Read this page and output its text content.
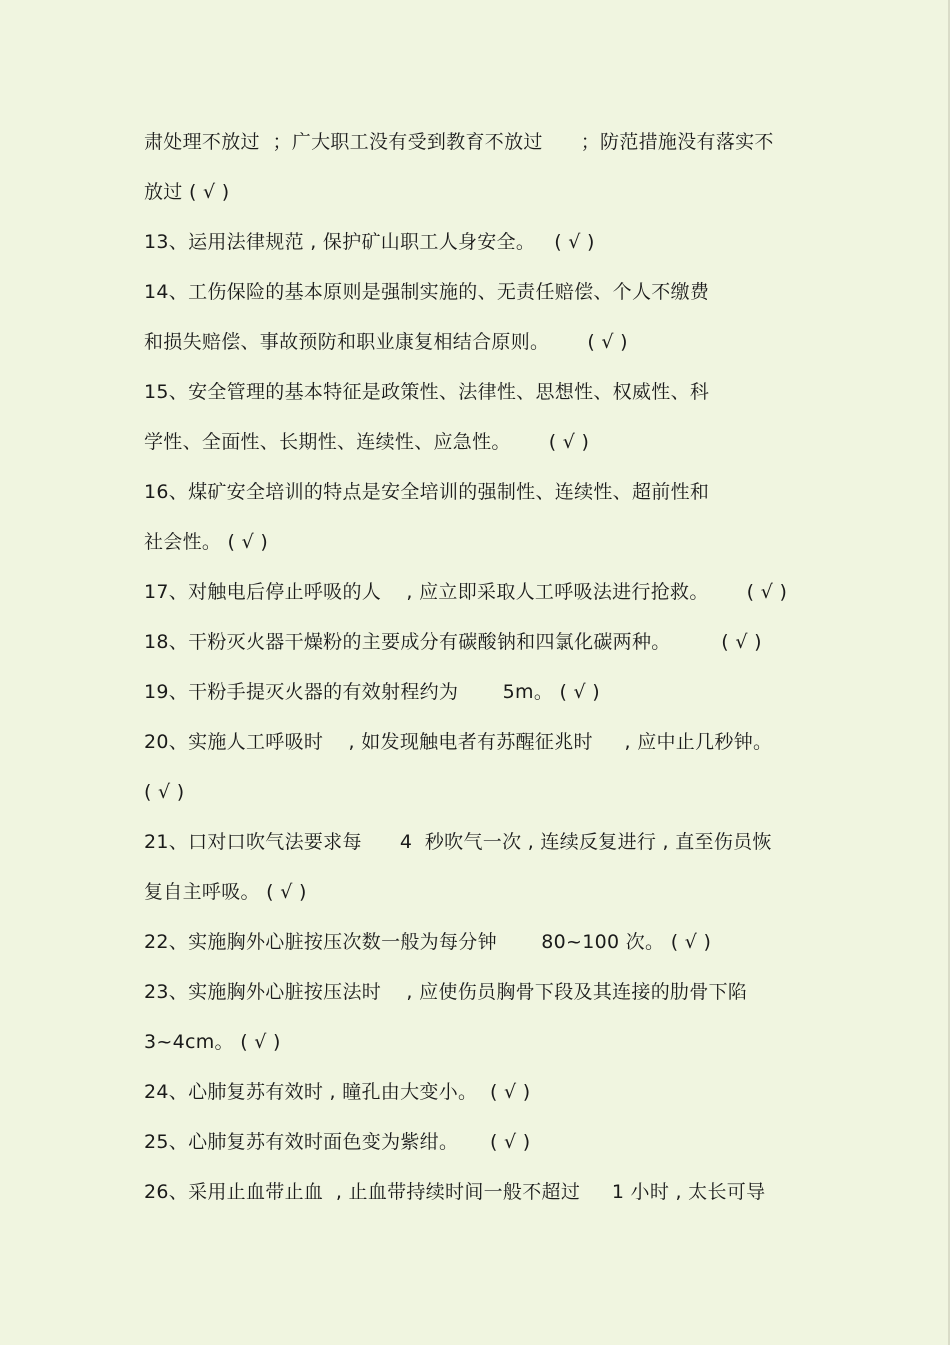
肃处理不放过  ；广大职工没有受到教育不放过      ；防范措施没有落实不
放过 ( √ )
13、运用法律规范 , 保护矿山职工人身安全。   ( √ )
14、工伤保险的基本原则是强制实施的、无责任赔偿、个人不缴费
和损失赔偿、事故预防和职业康复相结合原则。      ( √ )
15、安全管理的基本特征是政策性、法律性、思想性、权威性、科
学性、全面性、长期性、连续性、应急性。      ( √ )
16、煤矿安全培训的特点是安全培训的强制性、连续性、超前性和
社会性。 ( √ )
17、对触电后停止呼吸的人    , 应立即采取人工呼吸法进行抢救。      ( √ )
18、干粉灭火器干燥粉的主要成分有碳酸钠和四氯化碳两种。        ( √ )
19、干粉手提灭火器的有效射程约为       5m。 ( √ )
20、实施人工呼吸时    , 如发现触电者有苏醒征兆时     , 应中止几秒钟。
( √ )
21、口对口吹气法要求每      4  秒吹气一次 , 连续反复进行 , 直至伤员恢
复自主呼吸。 ( √ )
22、实施胸外心脏按压次数一般为每分钟       80~100 次。 ( √ )
23、实施胸外心脏按压法时    , 应使伤员胸骨下段及其连接的肋骨下陷
3~4cm。 ( √ )
24、心肺复苏有效时 , 瞳孔由大变小。  ( √ )
25、心肺复苏有效时面色变为紫绀。     ( √ )
26、采用止血带止血  , 止血带持续时间一般不超过     1 小时 , 太长可导
